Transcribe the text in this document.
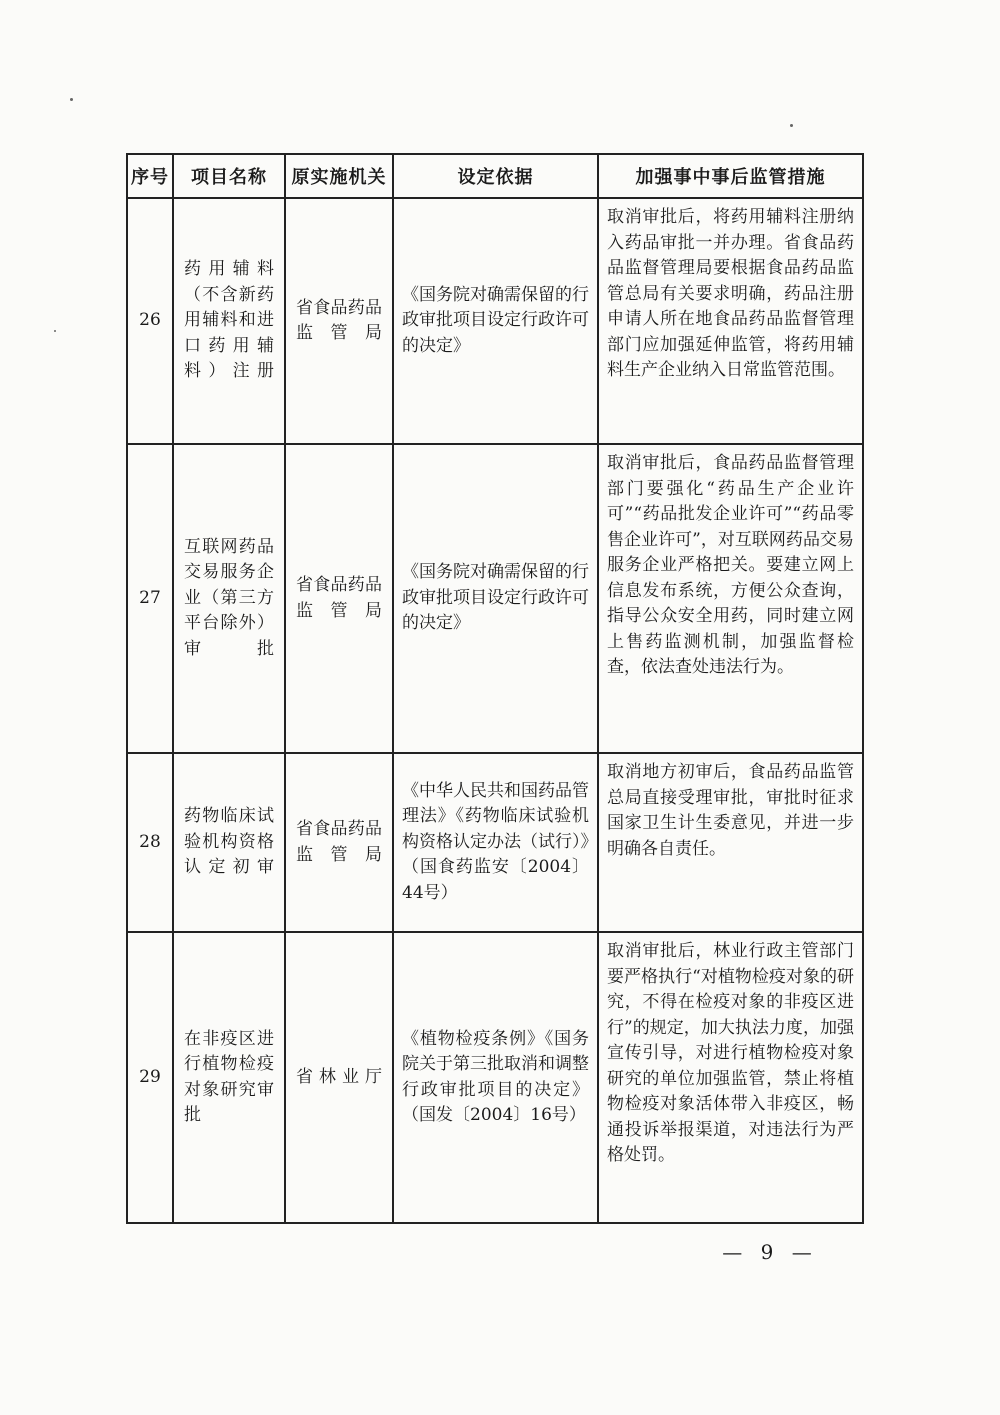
序号	项目名称	原实施机关	设定依据	加强事中事后监管措施
26	药用辅料（不含新药用辅料和进口药用辅料）注册	省食品药品监管局	《国务院对确需保留的行政审批项目设定行政许可的决定》	取消审批后，将药用辅料注册纳入药品审批一并办理。省食品药品监督管理局要根据食品药品监管总局有关要求明确，药品注册申请人所在地食品药品监督管理部门应加强延伸监管，将药用辅料生产企业纳入日常监管范围。
27	互联网药品交易服务企业（第三方平台除外）审批	省食品药品监管局	《国务院对确需保留的行政审批项目设定行政许可的决定》	取消审批后，食品药品监督管理部门要强化“药品生产企业许可”“药品批发企业许可”“药品零售企业许可”，对互联网药品交易服务企业严格把关。要建立网上信息发布系统，方便公众查询，指导公众安全用药，同时建立网上售药监测机制，加强监督检查，依法查处违法行为。
28	药物临床试验机构资格认定初审	省食品药品监管局	《中华人民共和国药品管理法》《药物临床试验机构资格认定办法（试行）》（国食药监安〔2004〕44号）	取消地方初审后，食品药品监管总局直接受理审批，审批时征求国家卫生计生委意见，并进一步明确各自责任。
29	在非疫区进行植物检疫对象研究审批	省林业厅	《植物检疫条例》《国务院关于第三批取消和调整行政审批项目的决定》（国发〔2004〕16号）	取消审批后，林业行政主管部门要严格执行“对植物检疫对象的研究，不得在检疫对象的非疫区进行”的规定，加大执法力度，加强宣传引导，对进行植物检疫对象研究的单位加强监管，禁止将植物检疫对象活体带入非疫区，畅通投诉举报渠道，对违法行为严格处罚。
— 9 —
